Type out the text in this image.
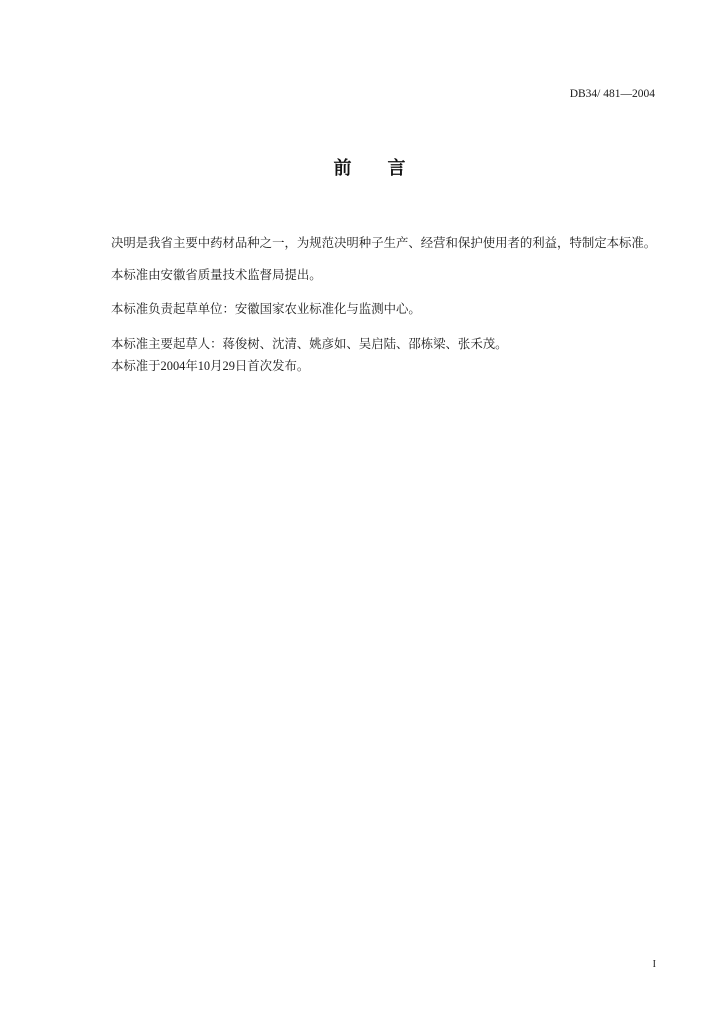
DB34/ 481—2004
前　　言
决明是我省主要中药材品种之一，为规范决明种子生产、经营和保护使用者的利益，特制定本标准。
本标准由安徽省质量技术监督局提出。
本标准负责起草单位：安徽国家农业标准化与监测中心。
本标准主要起草人：蒋俊树、沈清、姚彦如、吴启陆、邵栋梁、张禾茂。
本标准于2004年10月29日首次发布。
I
